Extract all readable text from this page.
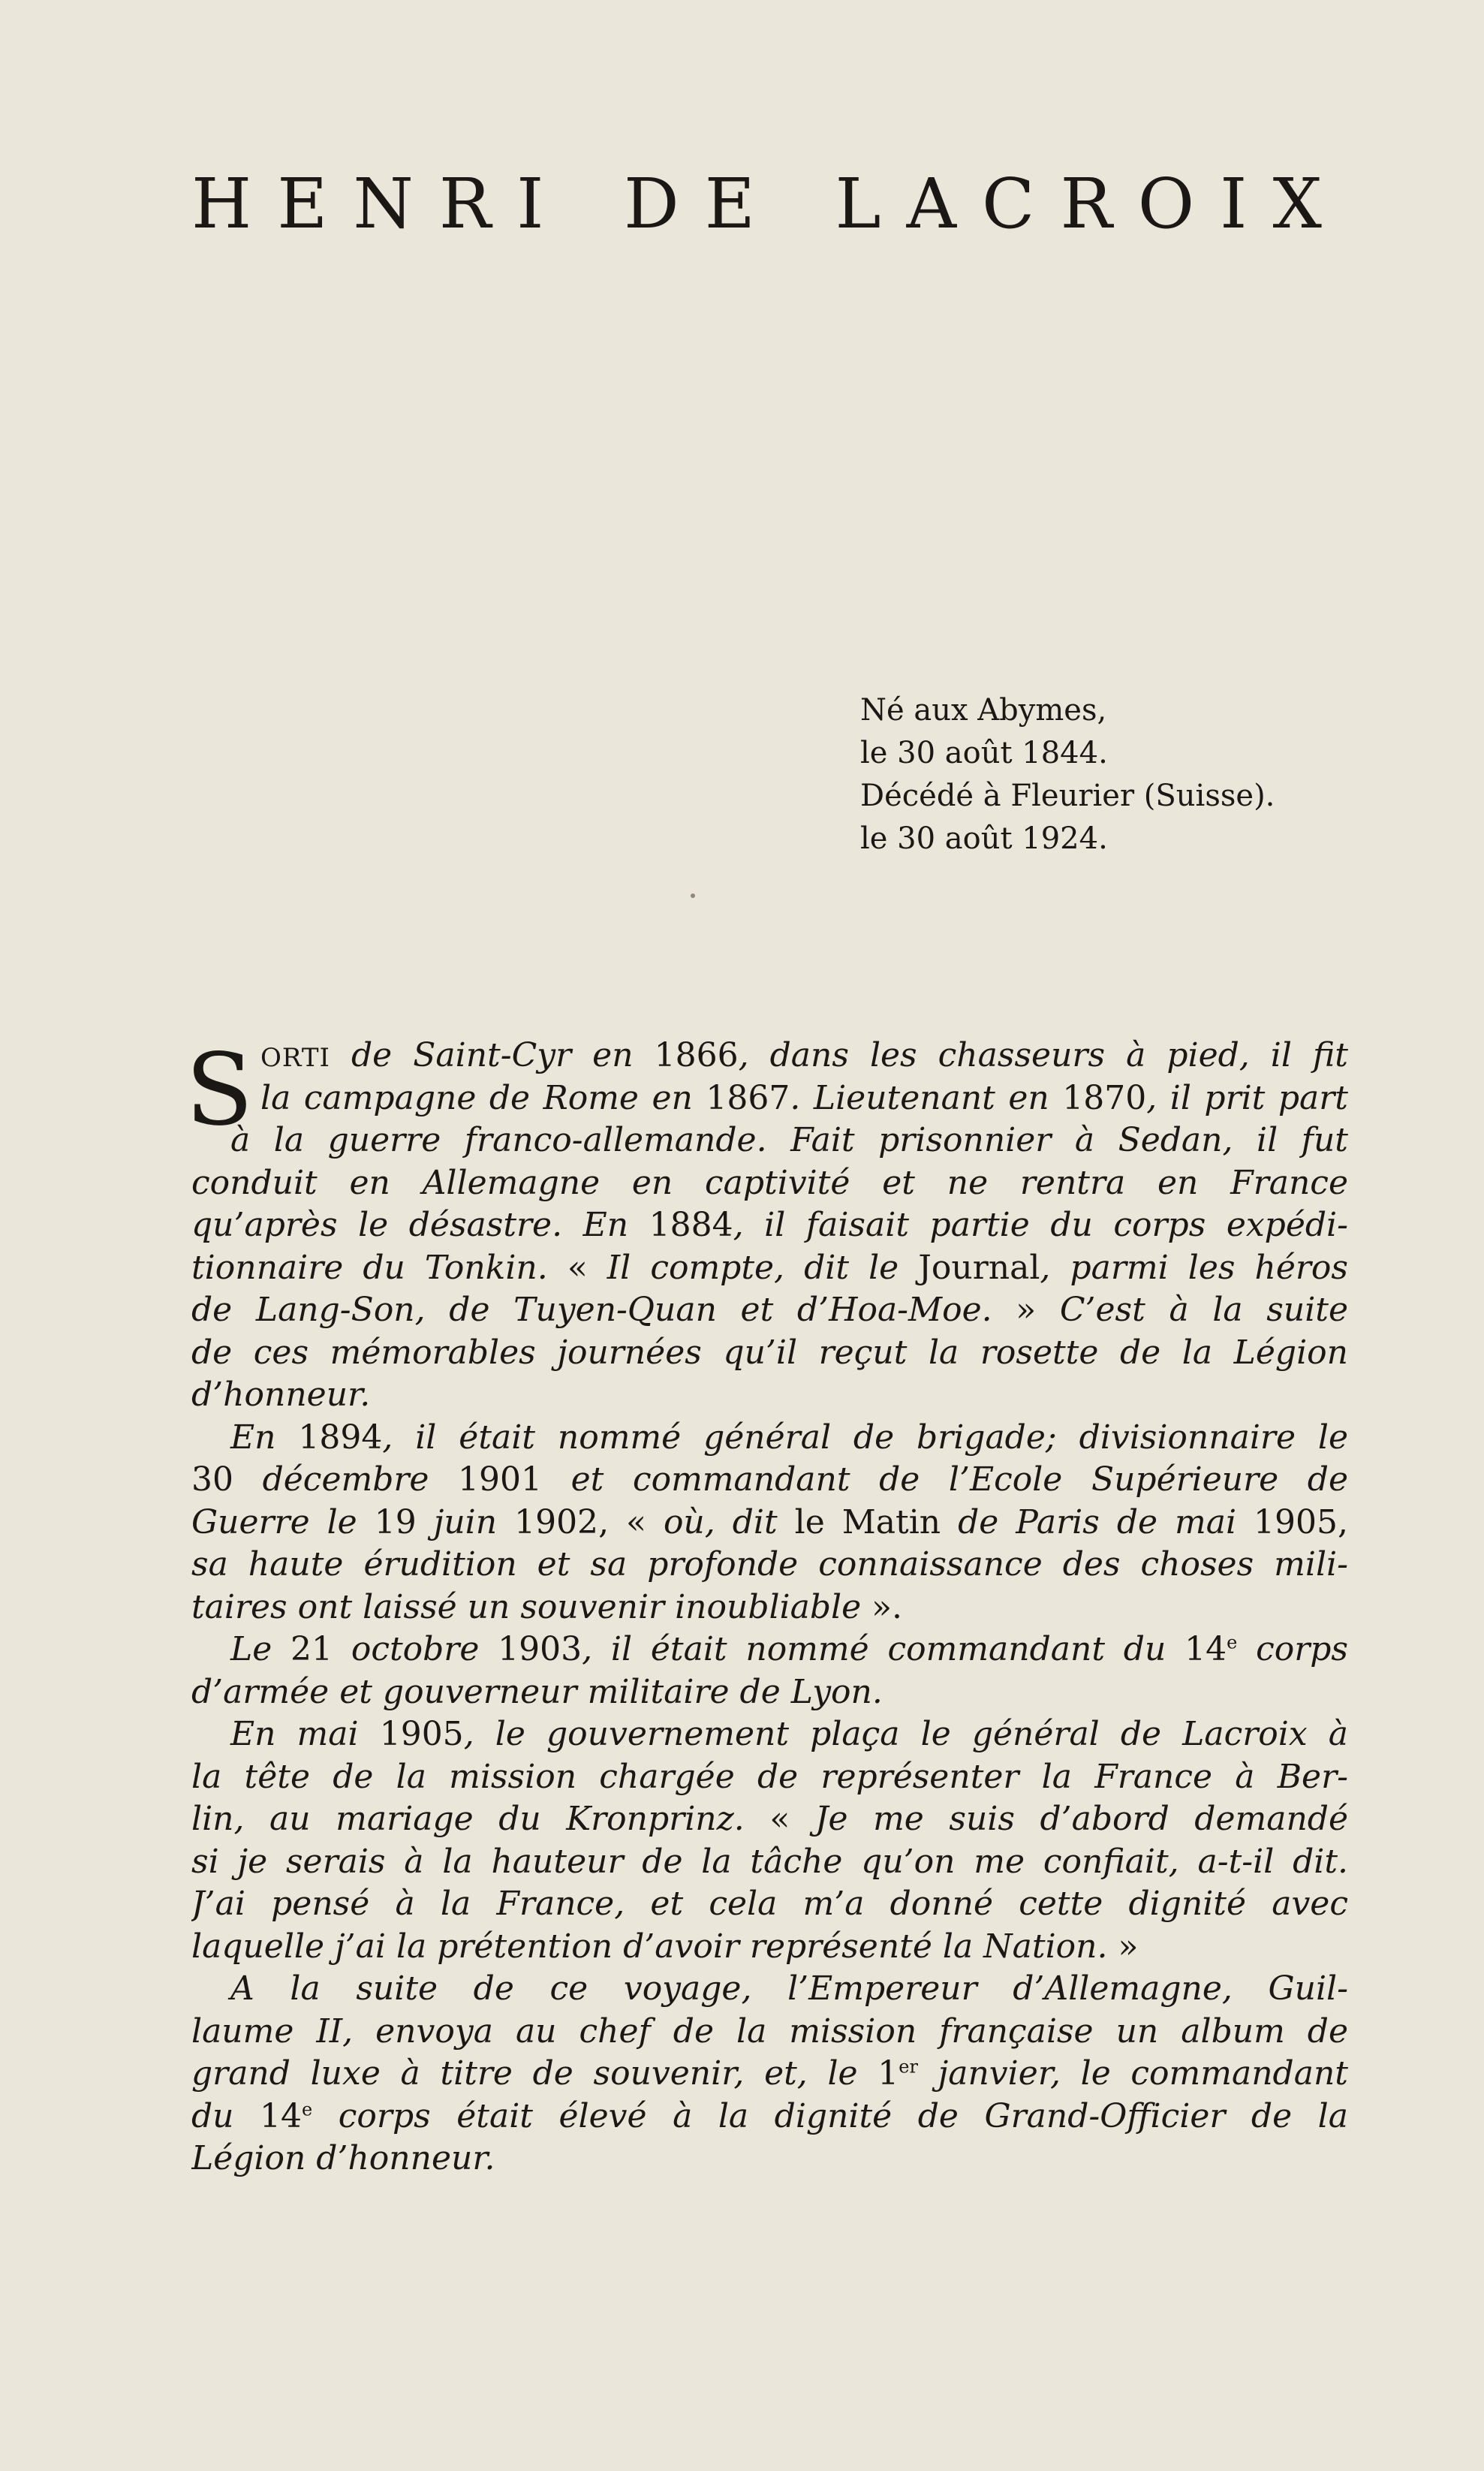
HENRI DE LACROIX
Né aux Abymes,
le 30 août 1844.
Décédé à Fleurier (Suisse).
le 30 août 1924.
S ORTI de Saint-Cyr en 1866, dans les chasseurs à pied, il fit
la campagne de Rome en 1867. Lieutenant en 1870, il prit part
à la guerre franco-allemande. Fait prisonnier à Sedan, il fut
conduit en Allemagne en captivité et ne rentra en France
qu’après le désastre. En 1884, il faisait partie du corps expédi-
tionnaire du Tonkin. « Il compte, dit le Journal, parmi les héros
de Lang-Son, de Tuyen-Quan et d’Hoa-Moe. » C’est à la suite
de ces mémorables journées qu’il reçut la rosette de la Légion
d’honneur.
En 1894, il était nommé général de brigade; divisionnaire le
30 décembre 1901 et commandant de l’Ecole Supérieure de
Guerre le 19 juin 1902, « où, dit le Matin de Paris de mai 1905,
sa haute érudition et sa profonde connaissance des choses mili-
taires ont laissé un souvenir inoubliable ».
Le 21 octobre 1903, il était nommé commandant du 14e corps
d’armée et gouverneur militaire de Lyon.
En mai 1905, le gouvernement plaça le général de Lacroix à
la tête de la mission chargée de représenter la France à Ber-
lin, au mariage du Kronprinz. « Je me suis d’abord demandé
si je serais à la hauteur de la tâche qu’on me confiait, a-t-il dit.
J’ai pensé à la France, et cela m’a donné cette dignité avec
laquelle j’ai la prétention d’avoir représenté la Nation. »
A la suite de ce voyage, l’Empereur d’Allemagne, Guil-
laume II, envoya au chef de la mission française un album de
grand luxe à titre de souvenir, et, le 1er janvier, le commandant
du 14e corps était élevé à la dignité de Grand-Officier de la
Légion d’honneur.
